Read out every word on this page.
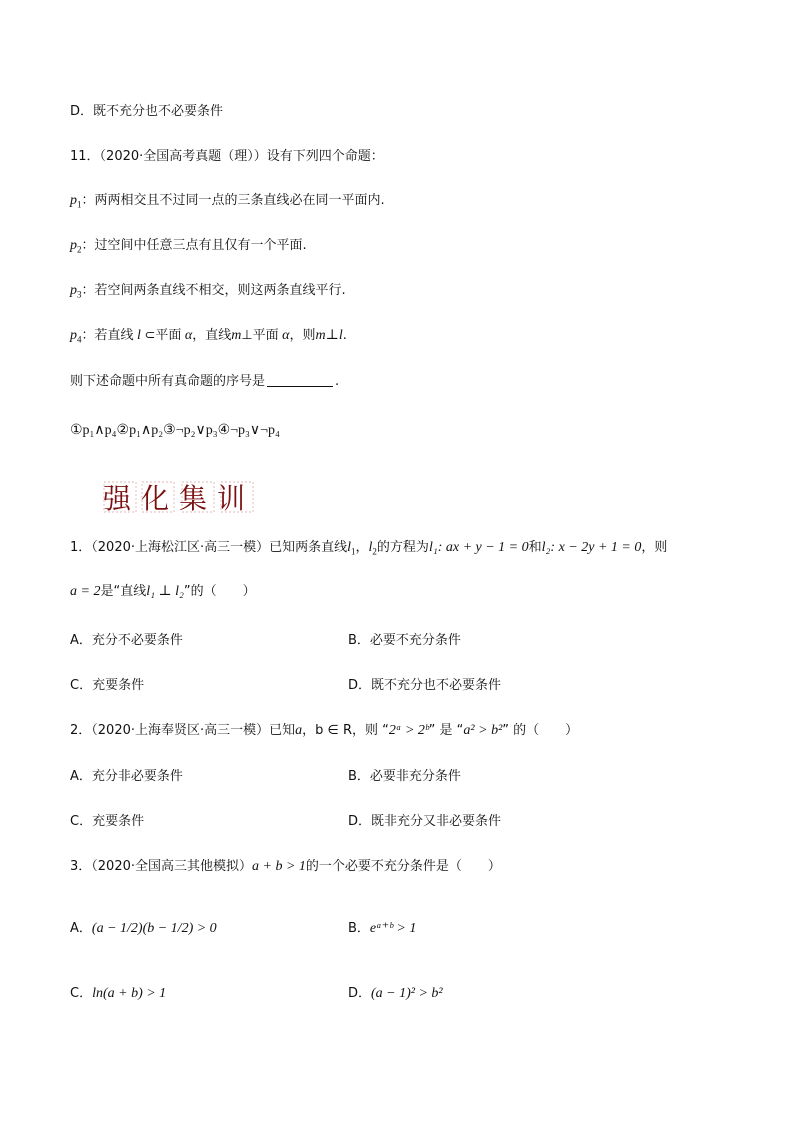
D．既不充分也不必要条件
11．（2020·全国高考真题（理））设有下列四个命题：
$p_1$：两两相交且不过同一点的三条直线必在同一平面内.
$p_2$：过空间中任意三点有且仅有一个平面.
$p_3$：若空间两条直线不相交，则这两条直线平行.
$p_4$：若直线 l ⊂平面 α，直线m⊥平面 α，则m⊥l.
则下述命题中所有真命题的序号是	.
①p₁∧p₄②p₁∧p₂③¬p₂∨p₃④¬p₃∨¬p₄
强化集训
1．（2020·上海松江区·高三一模）已知两条直线$l_1$，$l_2$的方程为l₁: ax + y − 1 = 0和l₂: x − 2y + 1 = 0，则
a = 2是“直线l₁ ⊥ l₂”的（　　）
A．充分不必要条件	B．必要不充分条件
C．充要条件	D．既不充分也不必要条件
2．（2020·上海奉贤区·高三一模）已知a，b ∈ R，则 “2ᵃ > 2ᵇ” 是 “a² > b²” 的（　　）
A．充分非必要条件	B．必要非充分条件
C．充要条件	D．既非充分又非必要条件
3．（2020·全国高三其他模拟）a + b > 1的一个必要不充分条件是（　　）
A．(a − 1/2)(b − 1/2) > 0	B．eᵃ⁺ᵇ > 1
C．ln(a + b) > 1	D．(a − 1)² > b²
